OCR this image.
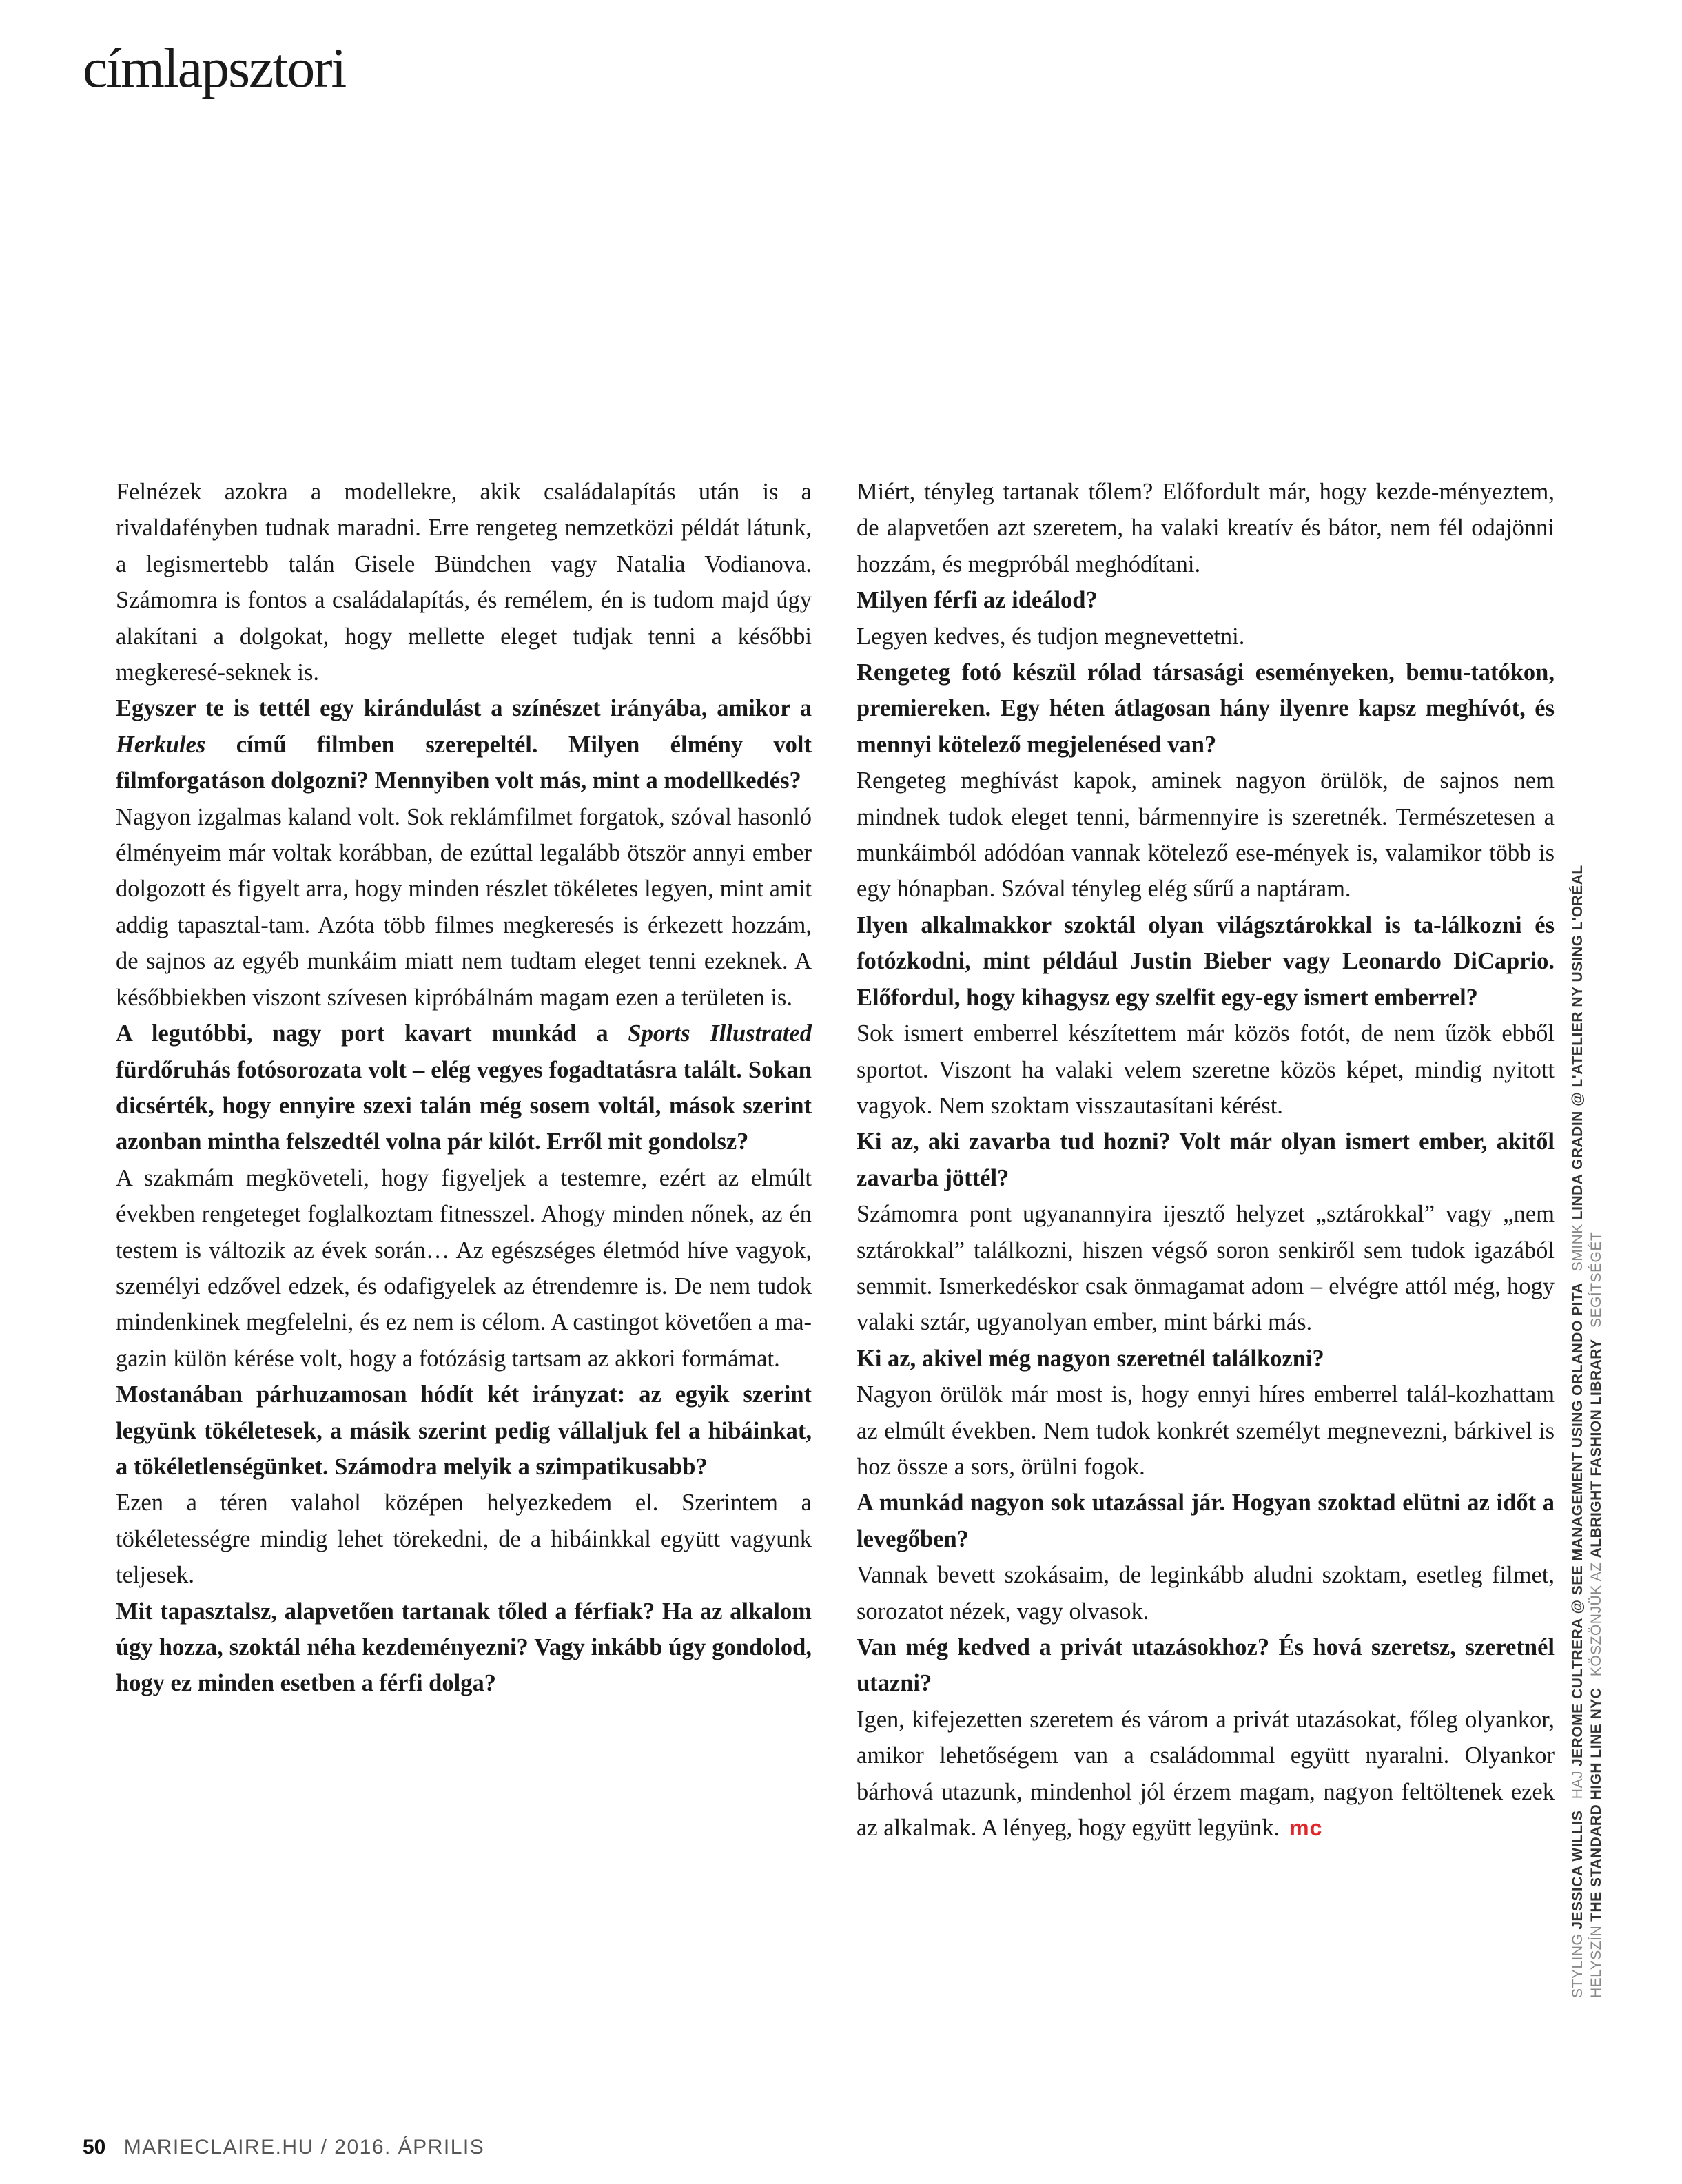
címlapsztori

Felnézek azokra a modellekre, akik családalapítás után is a rivaldafényben tudnak maradni. Erre rengeteg nemzetközi példát látunk, a legismertebb talán Gisele Bündchen vagy Natalia Vodianova. Számomra is fontos a családalapítás, és remélem, én is tudom majd úgy alakítani a dolgokat, hogy mellette eleget tudjak tenni a későbbi megkeresé-seknek is.

Egyszer te is tettél egy kirándulást a színészet irányába, amikor a Herkules című filmben szerepeltél. Milyen élmény volt filmforgatáson dolgozni? Mennyiben volt más, mint a modellkedés?

Nagyon izgalmas kaland volt. Sok reklámfilmet forgatok, szóval hasonló élményeim már voltak korábban, de ezúttal legalább ötször annyi ember dolgozott és figyelt arra, hogy minden részlet tökéletes legyen, mint amit addig tapasztal-tam. Azóta több filmes megkeresés is érkezett hozzám, de sajnos az egyéb munkáim miatt nem tudtam eleget tenni ezeknek. A későbbiekben viszont szívesen kipróbálnám magam ezen a területen is.

A legutóbbi, nagy port kavart munkád a Sports Illustrated fürdőruhás fotósorozata volt – elég vegyes fogadtatásra talált. Sokan dicsérték, hogy ennyire szexi talán még sosem voltál, mások szerint azonban mintha felszedtél volna pár kilót. Erről mit gondolsz?

A szakmám megköveteli, hogy figyeljek a testemre, ezért az elmúlt években rengeteget foglalkoztam fitnesszel. Ahogy minden nőnek, az én testem is változik az évek során… Az egészséges életmód híve vagyok, személyi edzővel edzek, és odafigyelek az étrendemre is. De nem tudok mindenkinek megfelelni, és ez nem is célom. A castingot követően a ma-gazin külön kérése volt, hogy a fotózásig tartsam az akkori formámat.

Mostanában párhuzamosan hódít két irányzat: az egyik szerint legyünk tökéletesek, a másik szerint pedig vállaljuk fel a hibáinkat, a tökéletlenségünket. Számodra melyik a szimpatikusabb?

Ezen a téren valahol középen helyezkedem el. Szerintem a tökéletességre mindig lehet törekedni, de a hibáinkkal együtt vagyunk teljesek.

Mit tapasztalsz, alapvetően tartanak tőled a férfiak? Ha az alkalom úgy hozza, szoktál néha kezdeményezni? Vagy inkább úgy gondolod, hogy ez minden esetben a férfi dolga?

Miért, tényleg tartanak tőlem? Előfordult már, hogy kezde-ményeztem, de alapvetően azt szeretem, ha valaki kreatív és bátor, nem fél odajönni hozzám, és megpróbál meghódítani.

Milyen férfi az ideálod?

Legyen kedves, és tudjon megnevettetni.

Rengeteg fotó készül rólad társasági eseményeken, bemu-tatókon, premiereken. Egy héten átlagosan hány ilyenre kapsz meghívót, és mennyi kötelező megjelenésed van?

Rengeteg meghívást kapok, aminek nagyon örülök, de sajnos nem mindnek tudok eleget tenni, bármennyire is szeretnék. Természetesen a munkáimból adódóan vannak kötelező ese-mények is, valamikor több is egy hónapban. Szóval tényleg elég sűrű a naptáram.

Ilyen alkalmakkor szoktál olyan világsztárokkal is ta-lálkozni és fotózkodni, mint például Justin Bieber vagy Leonardo DiCaprio. Előfordul, hogy kihagysz egy szelfit egy-egy ismert emberrel?

Sok ismert emberrel készítettem már közös fotót, de nem űzök ebből sportot. Viszont ha valaki velem szeretne közös képet, mindig nyitott vagyok. Nem szoktam visszautasítani kérést.

Ki az, aki zavarba tud hozni? Volt már olyan ismert ember, akitől zavarba jöttél?

Számomra pont ugyanannyira ijesztő helyzet „sztárokkal” vagy „nem sztárokkal” találkozni, hiszen végső soron senkiről sem tudok igazából semmit. Ismerkedéskor csak önmagamat adom – elvégre attól még, hogy valaki sztár, ugyanolyan ember, mint bárki más.

Ki az, akivel még nagyon szeretnél találkozni?

Nagyon örülök már most is, hogy ennyi híres emberrel talál-kozhattam az elmúlt években. Nem tudok konkrét személyt megnevezni, bárkivel is hoz össze a sors, örülni fogok.

A munkád nagyon sok utazással jár. Hogyan szoktad elütni az időt a levegőben?

Vannak bevett szokásaim, de leginkább aludni szoktam, esetleg filmet, sorozatot nézek, vagy olvasok.

Van még kedved a privát utazásokhoz? És hová szeretsz, szeretnél utazni?

Igen, kifejezetten szeretem és várom a privát utazásokat, főleg olyankor, amikor lehetőségem van a családommal együtt nyaralni. Olyankor bárhová utazunk, mindenhol jól érzem magam, nagyon feltöltenek ezek az alkalmak. A lényeg, hogy együtt legyünk. mc

50 MARIECLAIRE.HU / 2016. ÁPRILIS
STYLINGJESSICA WILLIS HAJJEROME CULTRERA @ SEE MANAGEMENT USING ORLANDO PITA SMINKLINDA GRADIN @ L'ATELIER NY USING L'ORÉAL
HELYSZÍNTHE STANDARD HIGH LINE NYC KÖSZÖNJÜK AZALBRIGHT FASHION LIBRARY SEGÍTSÉGÉT
